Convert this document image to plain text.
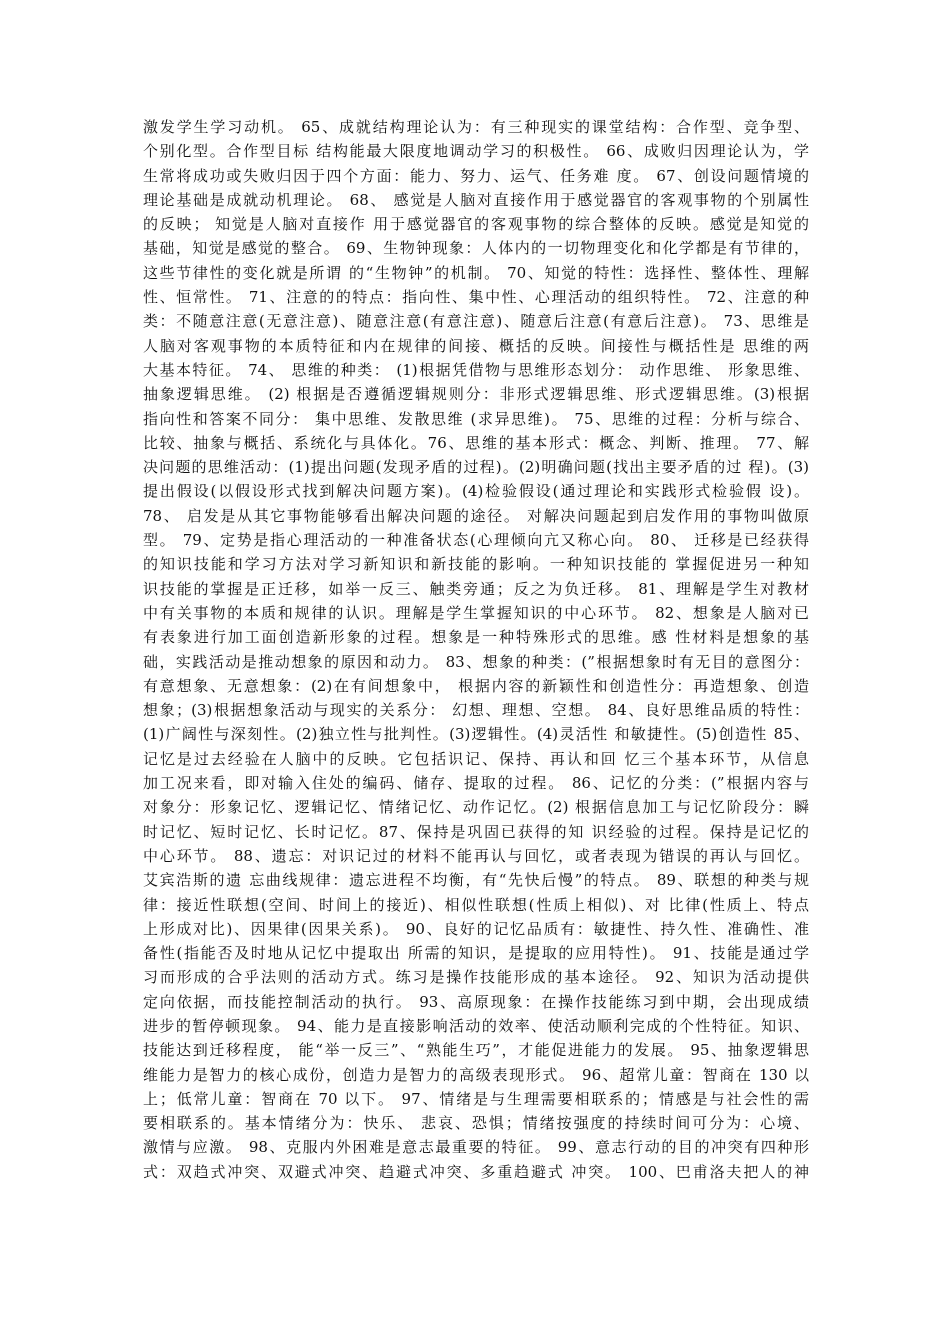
激发学生学习动机。 65、成就结构理论认为：有三种现实的课堂结构：合作型、竞争型、
个别化型。合作型目标 结构能最大限度地调动学习的积极性。 66、成败归因理论认为，学
生常将成功或失败归因于四个方面：能力、努力、运气、任务难 度。 67、创设问题情境的
理论基础是成就动机理论。 68、 感觉是人脑对直接作用于感觉器官的客观事物的个别属性
的反映； 知觉是人脑对直接作 用于感觉器官的客观事物的综合整体的反映。感觉是知觉的
基础，知觉是感觉的整合。 69、生物钟现象：人体内的一切物理变化和化学都是有节律的，
这些节律性的变化就是所谓 的“生物钟”的机制。 70、知觉的特性：选择性、整体性、理解
性、恒常性。 71、注意的的特点：指向性、集中性、心理活动的组织特性。 72、注意的种
类：不随意注意(无意注意)、随意注意(有意注意)、随意后注意(有意后注意)。 73、思维是
人脑对客观事物的本质特征和内在规律的间接、概括的反映。间接性与概括性是 思维的两
大基本特征。 74、 思维的种类： (1)根据凭借物与思维形态划分： 动作思维、 形象思维、
抽象逻辑思维。 (2) 根据是否遵循逻辑规则分：非形式逻辑思维、形式逻辑思维。(3)根据
指向性和答案不同分： 集中思维、发散思维 (求异思维)。 75、思维的过程：分析与综合、
比较、抽象与概括、系统化与具体化。76、思维的基本形式：概念、判断、推理。 77、解
决问题的思维活动：(1)提出问题(发现矛盾的过程)。(2)明确问题(找出主要矛盾的过 程)。(3)
提出假设(以假设形式找到解决问题方案)。(4)检验假设(通过理论和实践形式检验假 设)。
78、 启发是从其它事物能够看出解决问题的途径。 对解决问题起到启发作用的事物叫做原
型。 79、定势是指心理活动的一种准备状态(心理倾向亢又称心向。 80、 迁移是已经获得
的知识技能和学习方法对学习新知识和新技能的影响。一种知识技能的 掌握促进另一种知
识技能的掌握是正迁移，如举一反三、触类旁通；反之为负迁移。 81、理解是学生对教材
中有关事物的本质和规律的认识。理解是学生掌握知识的中心环节。 82、想象是人脑对已
有表象进行加工面创造新形象的过程。想象是一种特殊形式的思维。感 性材料是想象的基
础，实践活动是推动想象的原因和动力。 83、想象的种类：(”根据想象时有无目的意图分：
有意想象、无意想象：(2)在有间想象中， 根据内容的新颖性和创造性分：再造想象、创造
想象；(3)根据想象活动与现实的关系分： 幻想、理想、空想。 84、良好思维品质的特性：
(1)广阔性与深刻性。(2)独立性与批判性。(3)逻辑性。(4)灵活性 和敏捷性。(5)创造性 85、
记忆是过去经验在人脑中的反映。它包括识记、保持、再认和回 忆三个基本环节，从信息
加工况来看，即对输入住处的编码、储存、提取的过程。 86、记忆的分类：(”根据内容与
对象分：形象记忆、逻辑记忆、情绪记忆、动作记忆。(2) 根据信息加工与记忆阶段分：瞬
时记忆、短时记忆、长时记忆。87、保持是巩固已获得的知 识经验的过程。保持是记忆的
中心环节。 88、遗忘：对识记过的材料不能再认与回忆，或者表现为错误的再认与回忆。
艾宾浩斯的遗 忘曲线规律：遗忘进程不均衡，有“先快后慢”的特点。 89、联想的种类与规
律：接近性联想(空间、时间上的接近)、相似性联想(性质上相似)、对 比律(性质上、特点
上形成对比)、因果律(因果关系)。 90、良好的记忆品质有：敏捷性、持久性、准确性、准
备性(指能否及时地从记忆中提取出 所需的知识，是提取的应用特性)。 91、技能是通过学
习而形成的合乎法则的活动方式。练习是操作技能形成的基本途径。 92、知识为活动提供
定向依据，而技能控制活动的执行。 93、高原现象：在操作技能练习到中期，会出现成绩
进步的暂停顿现象。 94、能力是直接影响活动的效率、使活动顺利完成的个性特征。知识、
技能达到迁移程度， 能“举一反三”、“熟能生巧”，才能促进能力的发展。 95、抽象逻辑思
维能力是智力的核心成份，创造力是智力的高级表现形式。 96、超常儿童：智商在 130 以
上；低常儿童：智商在 70 以下。 97、情绪是与生理需要相联系的；情感是与社会性的需
要相联系的。基本情绪分为：快乐、 悲哀、恐惧；情绪按强度的持续时间可分为：心境、
激情与应激。 98、克服内外困难是意志最重要的特征。 99、意志行动的目的冲突有四种形
式：双趋式冲突、双避式冲突、趋避式冲突、多重趋避式 冲突。 100、巴甫洛夫把人的神
